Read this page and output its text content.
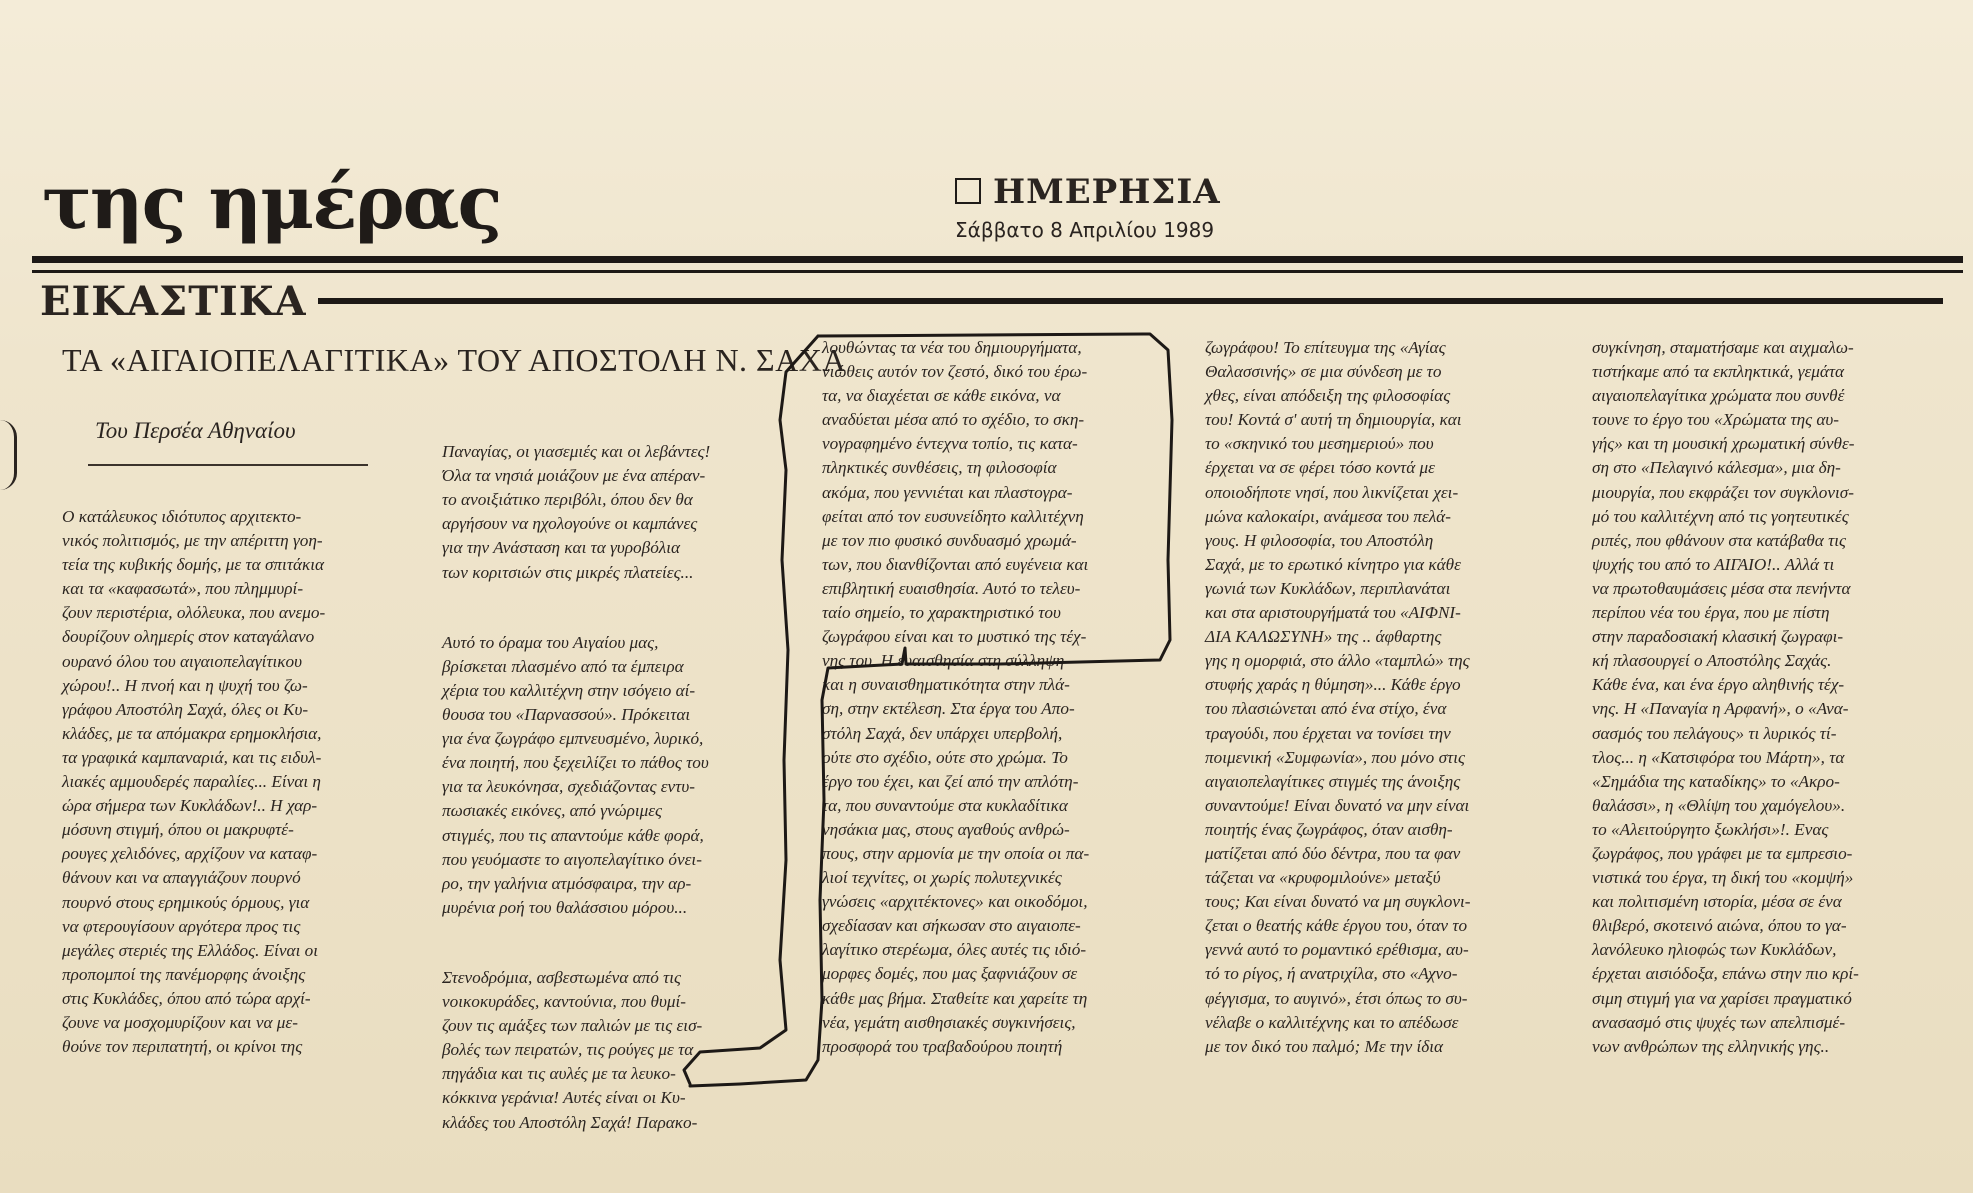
της ημέρας	ΗΜΕΡΗΣΙΑ
Σάββατο 8 Απριλίου 1989
ΕΙΚΑΣΤΙΚΑ
ΤΑ «ΑΙΓΑΙΟΠΕΛΑΓΙΤΙΚΑ» ΤΟΥ ΑΠΟΣΤΟΛΗ Ν. ΣΑΧΑ
Του Περσέα Αθηναίου
Ο κατάλευκος ιδιότυπος αρχιτεκτο-
νικός πολιτισμός, με την απέριττη γοη-
τεία της κυβικής δομής, με τα σπιτάκια
και τα «καφασωτά», που πλημμυρί-
ζουν περιστέρια, ολόλευκα, που ανεμο-
δουρίζουν ολημερίς στον καταγάλανο
ουρανό όλου του αιγαιοπελαγίτικου
χώρου!.. Η πνοή και η ψυχή του ζω-
γράφου Αποστόλη Σαχά, όλες οι Κυ-
κλάδες, με τα απόμακρα ερημοκλήσια,
τα γραφικά καμπαναριά, και τις ειδυλ-
λιακές αμμουδερές παραλίες... Είναι η
ώρα σήμερα των Κυκλάδων!.. Η χαρ-
μόσυνη στιγμή, όπου οι μακρυφτέ-
ρουγες χελιδόνες, αρχίζουν να καταφ-
θάνουν και να απαγγιάζουν πουρνό
πουρνό στους ερημικούς όρμους, για
να φτερουγίσουν αργότερα προς τις
μεγάλες στεριές της Ελλάδος. Είναι οι
προπομποί της πανέμορφης άνοιξης
στις Κυκλάδες, όπου από τώρα αρχί-
ζουνε να μοσχομυρίζουν και να με-
θούνε τον περιπατητή, οι κρίνοι της

Παναγίας, οι γιασεμιές και οι λεβάντες!
Όλα τα νησιά μοιάζουν με ένα απέραν-
το ανοιξιάτικο περιβόλι, όπου δεν θα
αργήσουν να ηχολογούνε οι καμπάνες
για την Ανάσταση και τα γυροβόλια
των κοριτσιών στις μικρές πλατείες...

Αυτό το όραμα του Αιγαίου μας,
βρίσκεται πλασμένο από τα έμπειρα
χέρια του καλλιτέχνη στην ισόγειο αί-
θουσα του «Παρνασσού». Πρόκειται
για ένα ζωγράφο εμπνευσμένο, λυρικό,
ένα ποιητή, που ξεχειλίζει το πάθος του
για τα λευκόνησα, σχεδιάζοντας εντυ-
πωσιακές εικόνες, από γνώριμες
στιγμές, που τις απαντούμε κάθε φορά,
που γευόμαστε το αιγοπελαγίτικο όνει-
ρο, την γαλήνια ατμόσφαιρα, την αρ-
μυρένια ροή του θαλάσσιου μόρου...

Στενοδρόμια, ασβεστωμένα από τις
νοικοκυράδες, καντούνια, που θυμί-
ζουν τις αμάξες των παλιών με τις εισ-
βολές των πειρατών, τις ρούγες με τα
πηγάδια και τις αυλές με τα λευκο-
κόκκινα γεράνια! Αυτές είναι οι Κυ-
κλάδες του Αποστόλη Σαχά! Παρακο-

λουθώντας τα νέα του δημιουργήματα,
νιώθεις αυτόν τον ζεστό, δικό του έρω-
τα, να διαχέεται σε κάθε εικόνα, να
αναδύεται μέσα από το σχέδιο, το σκη-
νογραφημένο έντεχνα τοπίο, τις κατα-
πληκτικές συνθέσεις, τη φιλοσοφία
ακόμα, που γεννιέται και πλαστογρα-
φείται από τον ευσυνείδητο καλλιτέχνη
με τον πιο φυσικό συνδυασμό χρωμά-
των, που διανθίζονται από ευγένεια και
επιβλητική ευαισθησία. Αυτό το τελευ-
ταίο σημείο, το χαρακτηριστικό του
ζωγράφου είναι και το μυστικό της τέχ-
νης του. Η ευαισθησία στη σύλληψη
και η συναισθηματικότητα στην πλά-
ση, στην εκτέλεση. Στα έργα του Απο-
στόλη Σαχά, δεν υπάρχει υπερβολή,
ούτε στο σχέδιο, ούτε στο χρώμα. Το
έργο του έχει, και ζεί από την απλότη-
τα, που συναντούμε στα κυκλαδίτικα
νησάκια μας, στους αγαθούς ανθρώ-
πους, στην αρμονία με την οποία οι πα-
λιοί τεχνίτες, οι χωρίς πολυτεχνικές
γνώσεις «αρχιτέκτονες» και οικοδόμοι,
σχεδίασαν και σήκωσαν στο αιγαιοπε-
λαγίτικο στερέωμα, όλες αυτές τις ιδιό-
μορφες δομές, που μας ξαφνιάζουν σε
κάθε μας βήμα. Σταθείτε και χαρείτε τη
νέα, γεμάτη αισθησιακές συγκινήσεις,
προσφορά του τραβαδούρου ποιητή
ζωγράφου! Το επίτευγμα της «Αγίας
Θαλασσινής» σε μια σύνδεση με το
χθες, είναι απόδειξη της φιλοσοφίας
του! Κοντά σ' αυτή τη δημιουργία, και
το «σκηνικό του μεσημεριού» που
έρχεται να σε φέρει τόσο κοντά με
οποιοδήποτε νησί, που λικνίζεται χει-
μώνα καλοκαίρι, ανάμεσα του πελά-
γους. Η φιλοσοφία, του Αποστόλη
Σαχά, με το ερωτικό κίνητρο για κάθε
γωνιά των Κυκλάδων, περιπλανάται
και στα αριστουργήματά του «ΑΙΦΝΙ-
ΔΙΑ ΚΑΛΩΣΥΝΗ» της .. άφθαρτης
γης η ομορφιά, στο άλλο «ταμπλώ» της
στυφής χαράς η θύμηση»... Κάθε έργο
του πλασιώνεται από ένα στίχο, ένα
τραγούδι, που έρχεται να τονίσει την
ποιμενική «Συμφωνία», που μόνο στις
αιγαιοπελαγίτικες στιγμές της άνοιξης
συναντούμε! Είναι δυνατό να μην είναι
ποιητής ένας ζωγράφος, όταν αισθη-
ματίζεται από δύο δέντρα, που τα φαν
τάζεται να «κρυφομιλούνε» μεταξύ
τους; Και είναι δυνατό να μη συγκλονι-
ζεται ο θεατής κάθε έργου του, όταν το
γεννά αυτό το ρομαντικό ερέθισμα, αυ-
τό το ρίγος, ή ανατριχίλα, στο «Αχνο-
φέγγισμα, το αυγινό», έτσι όπως το συ-
νέλαβε ο καλλιτέχνης και το απέδωσε
με τον δικό του παλμό; Με την ίδια
συγκίνηση, σταματήσαμε και αιχμαλω-
τιστήκαμε από τα εκπληκτικά, γεμάτα
αιγαιοπελαγίτικα χρώματα που συνθέ
τουνε το έργο του «Χρώματα της αυ-
γής» και τη μουσική χρωματική σύνθε-
ση στο «Πελαγινό κάλεσμα», μια δη-
μιουργία, που εκφράζει τον συγκλονισ-
μό του καλλιτέχνη από τις γοητευτικές
ριπές, που φθάνουν στα κατάβαθα τις
ψυχής του από το ΑΙΓΑΙΟ!.. Αλλά τι
να πρωτοθαυμάσεις μέσα στα πενήντα
περίπου νέα του έργα, που με πίστη
στην παραδοσιακή κλασική ζωγραφι-
κή πλασουργεί ο Αποστόλης Σαχάς.
Κάθε ένα, και ένα έργο αληθινής τέχ-
νης. Η «Παναγία η Αρφανή», ο «Ανα-
σασμός του πελάγους» τι λυρικός τί-
τλος... η «Κατσιφόρα του Μάρτη», τα
«Σημάδια της καταδίκης» το «Ακρο-
θαλάσσι», η «Θλίψη του χαμόγελου».
το «Αλειτούργητο ξωκλήσι»!. Ενας
ζωγράφος, που γράφει με τα εμπρεσιο-
νιστικά του έργα, τη δική του «κομψή»
και πολιτισμένη ιστορία, μέσα σε ένα
θλιβερό, σκοτεινό αιώνα, όπου το γα-
λανόλευκο ηλιοφώς των Κυκλάδων,
έρχεται αισιόδοξα, επάνω στην πιο κρί-
σιμη στιγμή για να χαρίσει πραγματικό
ανασασμό στις ψυχές των απελπισμέ-
νων ανθρώπων της ελληνικής γης..
